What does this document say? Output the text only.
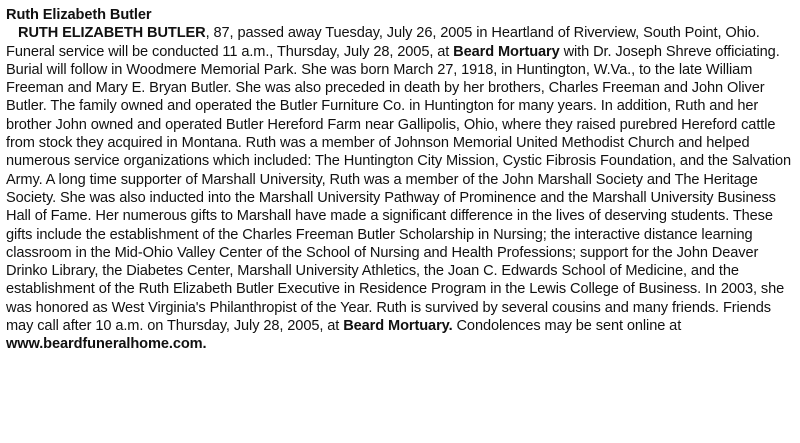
Ruth Elizabeth Butler

RUTH ELIZABETH BUTLER, 87, passed away Tuesday, July 26, 2005 in Heartland of Riverview, South Point, Ohio. Funeral service will be conducted 11 a.m., Thursday, July 28, 2005, at Beard Mortuary with Dr. Joseph Shreve officiating. Burial will follow in Woodmere Memorial Park. She was born March 27, 1918, in Huntington, W.Va., to the late William Freeman and Mary E. Bryan Butler. She was also preceded in death by her brothers, Charles Freeman and John Oliver Butler. The family owned and operated the Butler Furniture Co. in Huntington for many years. In addition, Ruth and her brother John owned and operated Butler Hereford Farm near Gallipolis, Ohio, where they raised purebred Hereford cattle from stock they acquired in Montana. Ruth was a member of Johnson Memorial United Methodist Church and helped numerous service organizations which included: The Huntington City Mission, Cystic Fibrosis Foundation, and the Salvation Army. A long time supporter of Marshall University, Ruth was a member of the John Marshall Society and The Heritage Society. She was also inducted into the Marshall University Pathway of Prominence and the Marshall University Business Hall of Fame. Her numerous gifts to Marshall have made a significant difference in the lives of deserving students. These gifts include the establishment of the Charles Freeman Butler Scholarship in Nursing; the interactive distance learning classroom in the Mid-Ohio Valley Center of the School of Nursing and Health Professions; support for the John Deaver Drinko Library, the Diabetes Center, Marshall University Athletics, the Joan C. Edwards School of Medicine, and the establishment of the Ruth Elizabeth Butler Executive in Residence Program in the Lewis College of Business. In 2003, she was honored as West Virginia's Philanthropist of the Year. Ruth is survived by several cousins and many friends. Friends may call after 10 a.m. on Thursday, July 28, 2005, at Beard Mortuary. Condolences may be sent online at www.beardfuneralhome.com.
